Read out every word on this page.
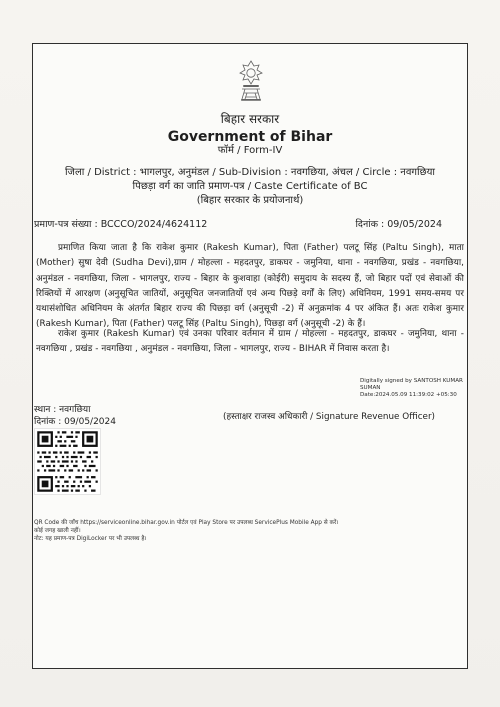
बिहार सरकार
Government of Bihar
फॉर्म / Form-IV
जिला / District : भागलपुर, अनुमंडल / Sub-Division : नवगछिया, अंचल / Circle : नवगछिया
पिछड़ा वर्ग का जाति प्रमाण-पत्र / Caste Certificate of BC
(बिहार सरकार के प्रयोजनार्थ)
प्रमाण-पत्र संख्या : BCCCO/2024/4624112	दिनांक : 09/05/2024
प्रमाणित किया जाता है कि राकेश कुमार (Rakesh Kumar), पिता (Father) पलटू सिंह (Paltu Singh), माता (Mother) सुषा देवी (Sudha Devi),ग्राम / मोहल्ला - महदतपुर, डाकघर - जमुनिया, थाना - नवगछिया, प्रखंड - नवगछिया, अनुमंडल - नवगछिया, जिला - भागलपुर, राज्य - बिहार के कुशवाहा (कोईरी) समुदाय के सदस्य हैं, जो बिहार पदों एवं सेवाओं की रिक्तियों में आरक्षण (अनुसूचित जातियों, अनुसूचित जनजातियों एवं अन्य पिछड़े वर्गों के लिए) अधिनियम, 1991 समय-समय पर यथासंशोधित अधिनियम के अंतर्गत बिहार राज्य की पिछड़ा वर्ग (अनुसूची -2) में अनुक्रमांक 4 पर अंकित हैं। अतः राकेश कुमार (Rakesh Kumar), पिता (Father) पलटू सिंह (Paltu Singh), पिछड़ा वर्ग (अनुसूची -2) के हैं।
राकेश कुमार (Rakesh Kumar) एवं उनका परिवार वर्तमान में ग्राम / मोहल्ला - महदतपुर, डाकघर - जमुनिया, थाना - नवगछिया , प्रखंड - नवगछिया , अनुमंडल - नवगछिया, जिला - भागलपुर, राज्य - BIHAR में निवास करता है।
Digitally signed by SANTOSH KUMAR SUMAN
Date:2024.05.09 11:39:02 +05:30
स्थान : नवगछिया
दिनांक : 09/05/2024	(हस्ताक्षर राजस्व अधिकारी / Signature Revenue Officer)
QR Code की जाँच https://serviceonline.bihar.gov.in पोर्टल एवं Play Store पर उपलब्ध ServicePlus Mobile App से करें।
कोई जगह खाली नहीं।
नोट: यह प्रमाण-पत्र DigiLocker पर भी उपलब्ध है।
